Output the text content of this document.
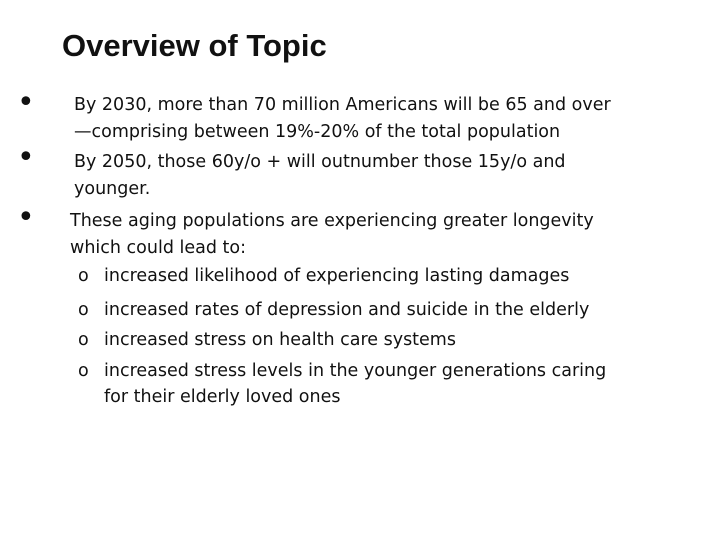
Overview of Topic
• By 2030, more than 70 million Americans will be 65 and over
—comprising between 19%-20% of the total population
• By 2050, those 60y/o + will outnumber those 15y/o and
younger.
• These aging populations are experiencing greater longevity
which could lead to:
o increased likelihood of experiencing lasting damages
o increased rates of depression and suicide in the elderly
o increased stress on health care systems
o increased stress levels in the younger generations caring
for their elderly loved ones
